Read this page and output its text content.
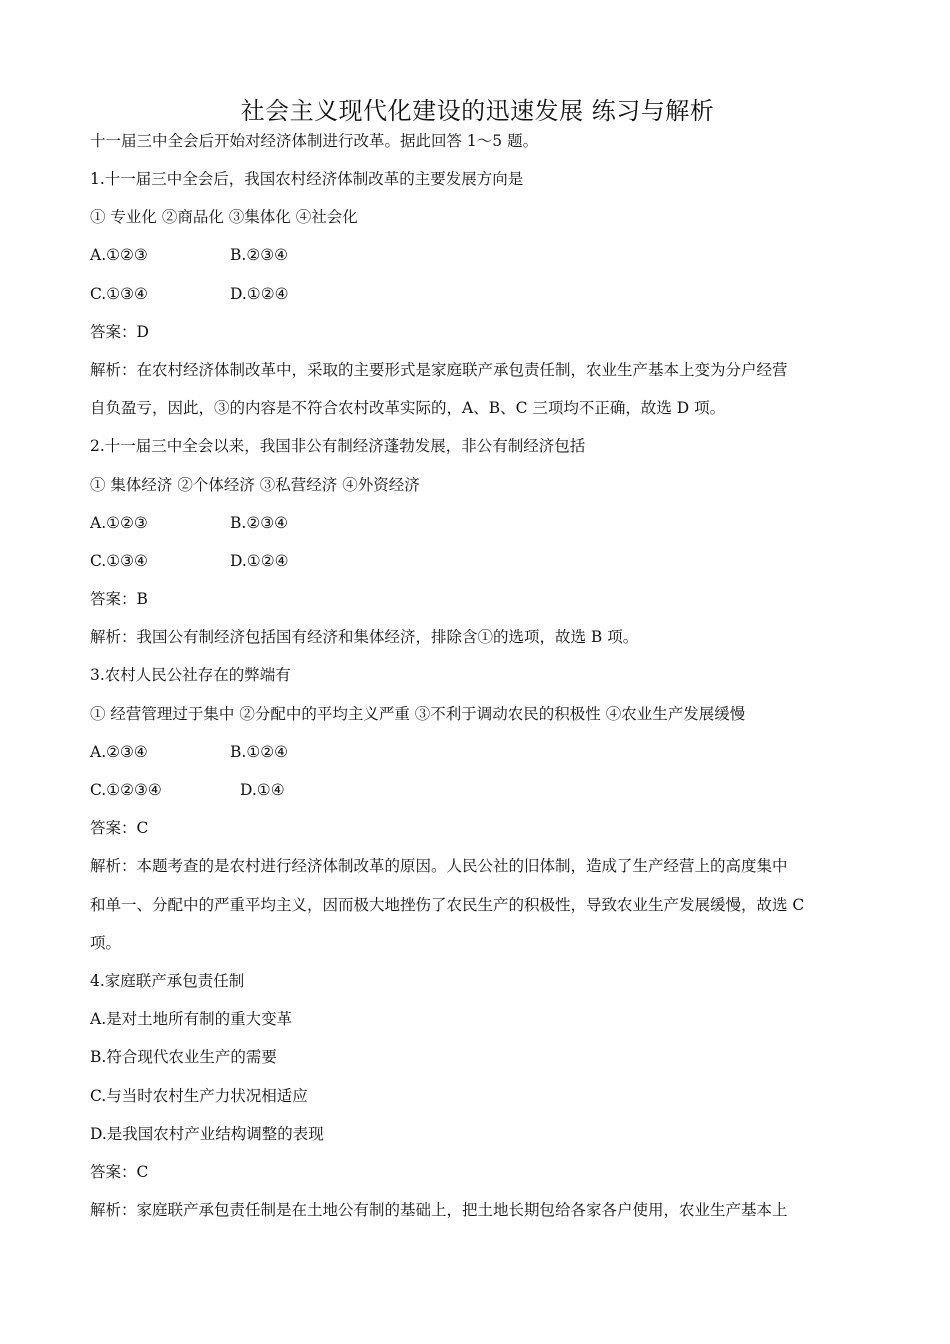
社会主义现代化建设的迅速发展 练习与解析
十一届三中全会后开始对经济体制进行改革。据此回答 1～5 题。
1.十一届三中全会后，我国农村经济体制改革的主要发展方向是
① 专业化 ②商品化 ③集体化 ④社会化
A.①②③	B.②③④
C.①③④	D.①②④
答案：D
解析：在农村经济体制改革中，采取的主要形式是家庭联产承包责任制，农业生产基本上变为分户经营
自负盈亏，因此，③的内容是不符合农村改革实际的，A、B、C 三项均不正确，故选 D 项。
2.十一届三中全会以来，我国非公有制经济蓬勃发展，非公有制经济包括
① 集体经济 ②个体经济 ③私营经济 ④外资经济
A.①②③	B.②③④
C.①③④	D.①②④
答案：B
解析：我国公有制经济包括国有经济和集体经济，排除含①的选项，故选 B 项。
3.农村人民公社存在的弊端有
① 经营管理过于集中 ②分配中的平均主义严重 ③不利于调动农民的积极性 ④农业生产发展缓慢
A.②③④	B.①②④
C.①②③④	D.①④
答案：C
解析：本题考查的是农村进行经济体制改革的原因。人民公社的旧体制，造成了生产经营上的高度集中
和单一、分配中的严重平均主义，因而极大地挫伤了农民生产的积极性，导致农业生产发展缓慢，故选 C
项。
4.家庭联产承包责任制
A.是对土地所有制的重大变革
B.符合现代农业生产的需要
C.与当时农村生产力状况相适应
D.是我国农村产业结构调整的表现
答案：C
解析：家庭联产承包责任制是在土地公有制的基础上，把土地长期包给各家各户使用，农业生产基本上
